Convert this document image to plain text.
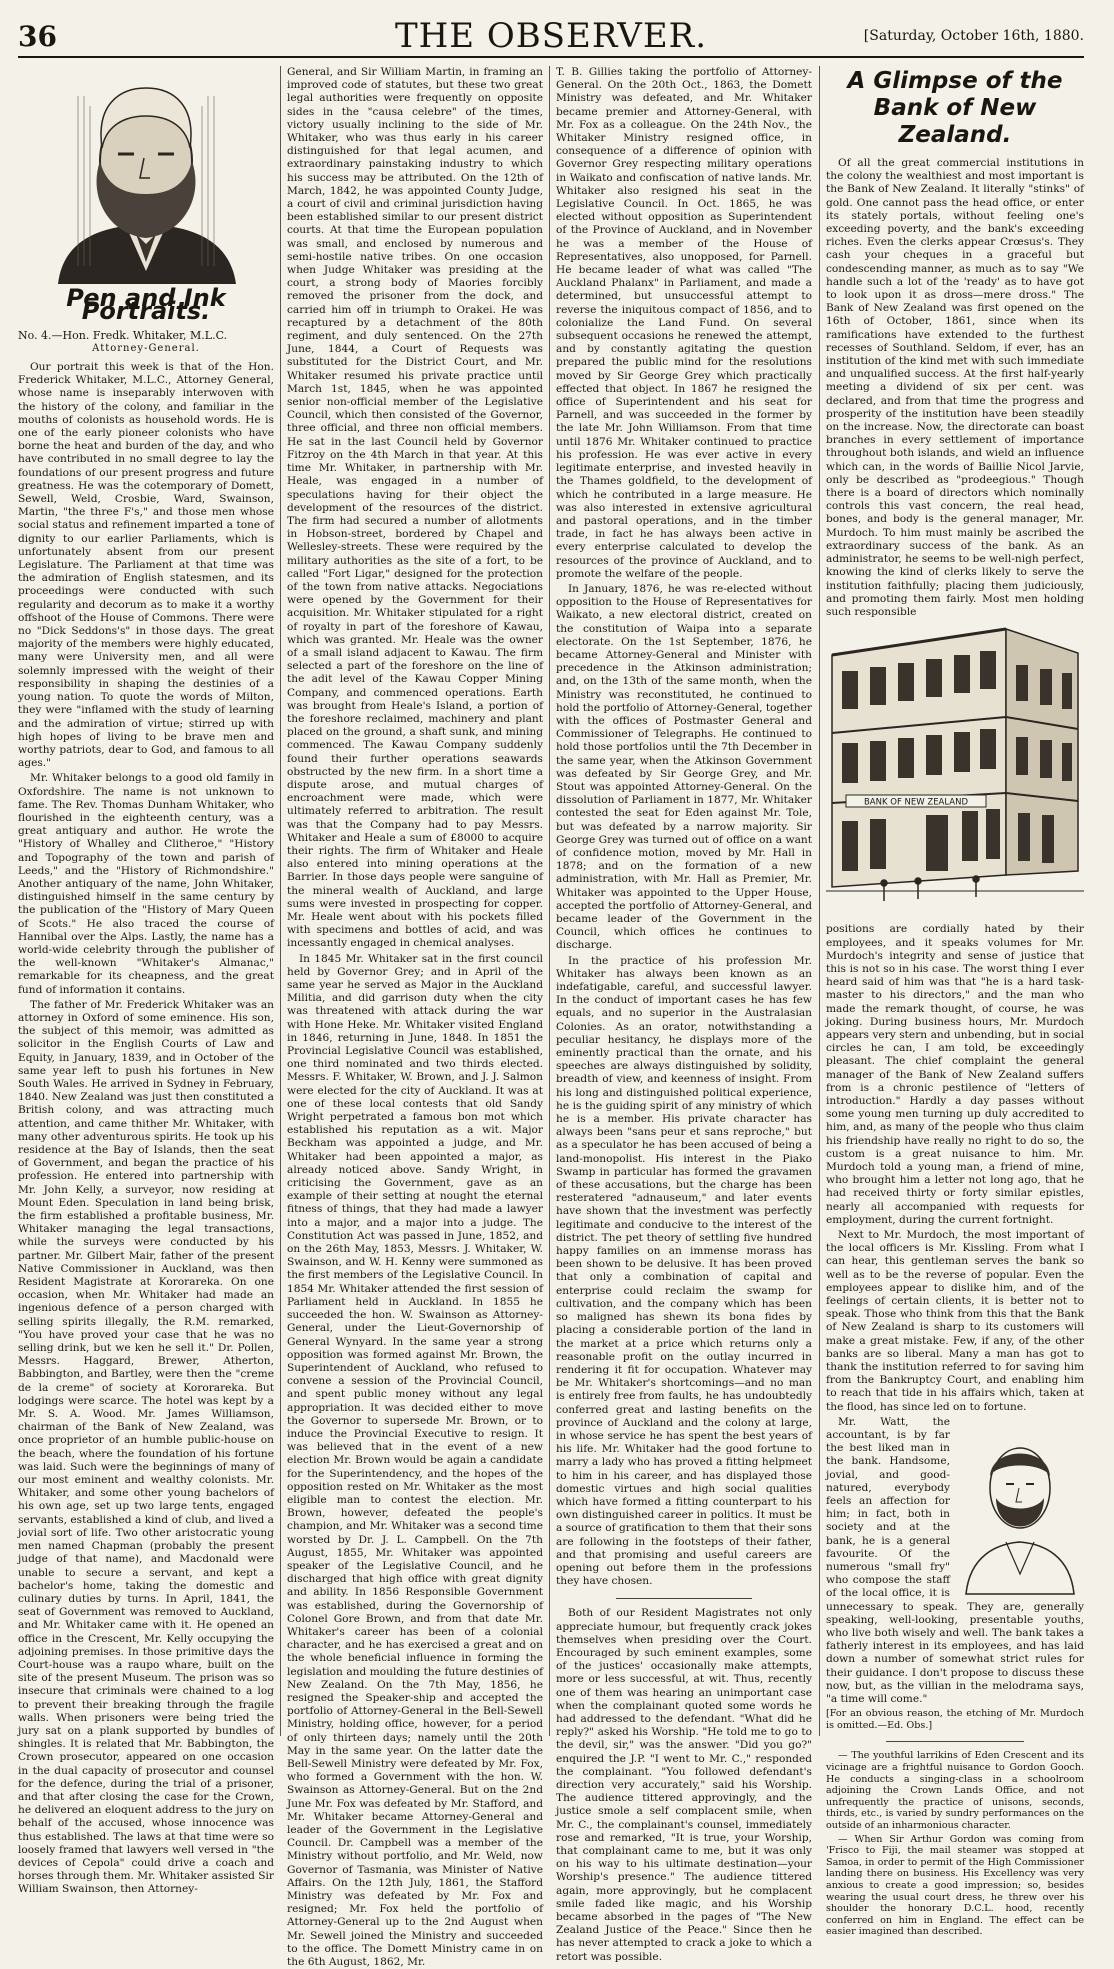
36	THE OBSERVER.	[Saturday, October 16th, 1880.
Pen and Ink Portraits.
No. 4.—Hon. Fredk. Whitaker, M.L.C.
Attorney-General.

Our portrait this week is that of the Hon. Frederick Whitaker, M.L.C., Attorney General, whose name is inseparably interwoven with the history of the colony, and familiar in the mouths of colonists as household words. He is one of the early pioneer colonists who have borne the heat and burden of the day, and who have contributed in no small degree to lay the foundations of our present progress and future greatness. He was the cotemporary of Domett, Sewell, Weld, Crosbie, Ward, Swainson, Martin, "the three F's," and those men whose social status and refinement imparted a tone of dignity to our earlier Parliaments, which is unfortunately absent from our present Legislature. The Parliament at that time was the admiration of English statesmen, and its proceedings were conducted with such regularity and decorum as to make it a worthy offshoot of the House of Commons. There were no "Dick Seddons's" in those days. The great majority of the members were highly educated, many were University men, and all were solemnly impressed with the weight of their responsibility in shaping the destinies of a young nation. To quote the words of Milton, they were "inflamed with the study of learning and the admiration of virtue; stirred up with high hopes of living to be brave men and worthy patriots, dear to God, and famous to all ages."

Mr. Whitaker belongs to a good old family in Oxfordshire. The name is not unknown to fame. The Rev. Thomas Dunham Whitaker, who flourished in the eighteenth century, was a great antiquary and author. He wrote the "History of Whalley and Clitheroe," "History and Topography of the town and parish of Leeds," and the "History of Richmondshire." Another antiquary of the name, John Whitaker, distinguished himself in the same century by the publication of the "History of Mary Queen of Scots." He also traced the course of Hannibal over the Alps. Lastly, the name has a world-wide celebrity through the publisher of the well-known "Whitaker's Almanac," remarkable for its cheapness, and the great fund of information it contains.

The father of Mr. Frederick Whitaker was an attorney in Oxford of some eminence. His son, the subject of this memoir, was admitted as solicitor in the English Courts of Law and Equity, in January, 1839, and in October of the same year left to push his fortunes in New South Wales. He arrived in Sydney in February, 1840. New Zealand was just then constituted a British colony, and was attracting much attention, and came thither Mr. Whitaker, with many other adventurous spirits. He took up his residence at the Bay of Islands, then the seat of Government, and began the practice of his profession. He entered into partnership with Mr. John Kelly, a surveyor, now residing at Mount Eden. Speculation in land being brisk, the firm established a profitable business, Mr. Whitaker managing the legal transactions, while the surveys were conducted by his partner. Mr. Gilbert Mair, father of the present Native Commissioner in Auckland, was then Resident Magistrate at Kororareka. On one occasion, when Mr. Whitaker had made an ingenious defence of a person charged with selling spirits illegally, the R.M. remarked, "You have proved your case that he was no selling drink, but we ken he sell it." Dr. Pollen, Messrs. Haggard, Brewer, Atherton, Babbington, and Bartley, were then the "creme de la creme" of society at Kororareka. But lodgings were scarce. The hotel was kept by a Mr. S. A. Wood. Mr. James Williamson, chairman of the Bank of New Zealand, was once proprietor of an humble public-house on the beach, where the foundation of his fortune was laid. Such were the beginnings of many of our most eminent and wealthy colonists. Mr. Whitaker, and some other young bachelors of his own age, set up two large tents, engaged servants, established a kind of club, and lived a jovial sort of life. Two other aristocratic young men named Chapman (probably the present judge of that name), and Macdonald were unable to secure a servant, and kept a bachelor's home, taking the domestic and culinary duties by turns. In April, 1841, the seat of Government was removed to Auckland, and Mr. Whitaker came with it. He opened an office in the Crescent, Mr. Kelly occupying the adjoining premises. In those primitive days the Court-house was a raupo whare, built on the site of the present Museum. The prison was so insecure that criminals were chained to a log to prevent their breaking through the fragile walls. When prisoners were being tried the jury sat on a plank supported by bundles of shingles. It is related that Mr. Babbington, the Crown prosecutor, appeared on one occasion in the dual capacity of prosecutor and counsel for the defence, during the trial of a prisoner, and that after closing the case for the Crown, he delivered an eloquent address to the jury on behalf of the accused, whose innocence was thus established. The laws at that time were so loosely framed that lawyers well versed in "the devices of Cepola" could drive a coach and horses through them. Mr. Whitaker assisted Sir William Swainson, then Attorney-

General, and Sir William Martin, in framing an improved code of statutes, but these two great legal authorities were frequently on opposite sides in the "causa celebre" of the times, victory usually inclining to the side of Mr. Whitaker, who was thus early in his career distinguished for that legal acumen, and extraordinary painstaking industry to which his success may be attributed. On the 12th of March, 1842, he was appointed County Judge, a court of civil and criminal jurisdiction having been established similar to our present district courts. At that time the European population was small, and enclosed by numerous and semi-hostile native tribes. On one occasion when Judge Whitaker was presiding at the court, a strong body of Maories forcibly removed the prisoner from the dock, and carried him off in triumph to Orakei. He was recaptured by a detachment of the 80th regiment, and duly sentenced. On the 27th June, 1844, a Court of Requests was substituted for the District Court, and Mr. Whitaker resumed his private practice until March 1st, 1845, when he was appointed senior non-official member of the Legislative Council, which then consisted of the Governor, three official, and three non official members. He sat in the last Council held by Governor Fitzroy on the 4th March in that year. At this time Mr. Whitaker, in partnership with Mr. Heale, was engaged in a number of speculations having for their object the development of the resources of the district. The firm had secured a number of allotments in Hobson-street, bordered by Chapel and Wellesley-streets. These were required by the military authorities as the site of a fort, to be called "Fort Ligar," designed for the protection of the town from native attacks. Negociations were opened by the Government for their acquisition. Mr. Whitaker stipulated for a right of royalty in part of the foreshore of Kawau, which was granted. Mr. Heale was the owner of a small island adjacent to Kawau. The firm selected a part of the foreshore on the line of the adit level of the Kawau Copper Mining Company, and commenced operations. Earth was brought from Heale's Island, a portion of the foreshore reclaimed, machinery and plant placed on the ground, a shaft sunk, and mining commenced. The Kawau Company suddenly found their further operations seawards obstructed by the new firm. In a short time a dispute arose, and mutual charges of encroachment were made, which were ultimately referred to arbitration. The result was that the Company had to pay Messrs. Whitaker and Heale a sum of £8000 to acquire their rights. The firm of Whitaker and Heale also entered into mining operations at the Barrier. In those days people were sanguine of the mineral wealth of Auckland, and large sums were invested in prospecting for copper. Mr. Heale went about with his pockets filled with specimens and bottles of acid, and was incessantly engaged in chemical analyses.

In 1845 Mr. Whitaker sat in the first council held by Governor Grey; and in April of the same year he served as Major in the Auckland Militia, and did garrison duty when the city was threatened with attack during the war with Hone Heke. Mr. Whitaker visited England in 1846, returning in June, 1848. In 1851 the Provincial Legislative Council was established, one third nominated and two thirds elected. Messrs. F. Whitaker, W. Brown, and J. J. Salmon were elected for the city of Auckland. It was at one of these local contests that old Sandy Wright perpetrated a famous bon mot which established his reputation as a wit. Major Beckham was appointed a judge, and Mr. Whitaker had been appointed a major, as already noticed above. Sandy Wright, in criticising the Government, gave as an example of their setting at nought the eternal fitness of things, that they had made a lawyer into a major, and a major into a judge. The Constitution Act was passed in June, 1852, and on the 26th May, 1853, Messrs. J. Whitaker, W. Swainson, and W. H. Kenny were summoned as the first members of the Legislative Council. In 1854 Mr. Whitaker attended the first session of Parliament held in Auckland. In 1855 he succeeded the hon. W. Swainson as Attorney-General, under the Lieut-Governorship of General Wynyard. In the same year a strong opposition was formed against Mr. Brown, the Superintendent of Auckland, who refused to convene a session of the Provincial Council, and spent public money without any legal appropriation. It was decided either to move the Governor to supersede Mr. Brown, or to induce the Provincial Executive to resign. It was believed that in the event of a new election Mr. Brown would be again a candidate for the Superintendency, and the hopes of the opposition rested on Mr. Whitaker as the most eligible man to contest the election. Mr. Brown, however, defeated the people's champion, and Mr. Whitaker was a second time worsted by Dr. J. L. Campbell. On the 7th August, 1855, Mr. Whitaker was appointed speaker of the Legislative Council, and he discharged that high office with great dignity and ability. In 1856 Responsible Government was established, during the Governorship of Colonel Gore Brown, and from that date Mr. Whitaker's career has been of a colonial character, and he has exercised a great and on the whole beneficial influence in forming the legislation and moulding the future destinies of New Zealand. On the 7th May, 1856, he resigned the Speaker-ship and accepted the portfolio of Attorney-General in the Bell-Sewell Ministry, holding office, however, for a period of only thirteen days; namely until the 20th May in the same year. On the latter date the Bell-Sewell Ministry were defeated by Mr. Fox, who formed a Government with the hon. W. Swainson as Attorney-General. But on the 2nd June Mr. Fox was defeated by Mr. Stafford, and Mr. Whitaker became Attorney-General and leader of the Government in the Legislative Council. Dr. Campbell was a member of the Ministry without portfolio, and Mr. Weld, now Governor of Tasmania, was Minister of Native Affairs. On the 12th July, 1861, the Stafford Ministry was defeated by Mr. Fox and resigned; Mr. Fox held the portfolio of Attorney-General up to the 2nd August when Mr. Sewell joined the Ministry and succeeded to the office. The Domett Ministry came in on the 6th August, 1862, Mr.

T. B. Gillies taking the portfolio of Attorney-General. On the 20th Oct., 1863, the Domett Ministry was defeated, and Mr. Whitaker became premier and Attorney-General, with Mr. Fox as a colleague. On the 24th Nov., the Whitaker Ministry resigned office, in consequence of a difference of opinion with Governor Grey respecting military operations in Waikato and confiscation of native lands. Mr. Whitaker also resigned his seat in the Legislative Council. In Oct. 1865, he was elected without opposition as Superintendent of the Province of Auckland, and in November he was a member of the House of Representatives, also unopposed, for Parnell. He became leader of what was called "The Auckland Phalanx" in Parliament, and made a determined, but unsuccessful attempt to reverse the iniquitous compact of 1856, and to colonialize the Land Fund. On several subsequent occasions he renewed the attempt, and by constantly agitating the question prepared the public mind for the resolutions moved by Sir George Grey which practically effected that object. In 1867 he resigned the office of Superintendent and his seat for Parnell, and was succeeded in the former by the late Mr. John Williamson. From that time until 1876 Mr. Whitaker continued to practice his profession. He was ever active in every legitimate enterprise, and invested heavily in the Thames goldfield, to the development of which he contributed in a large measure. He was also interested in extensive agricultural and pastoral operations, and in the timber trade, in fact he has always been active in every enterprise calculated to develop the resources of the province of Auckland, and to promote the welfare of the people.

In January, 1876, he was re-elected without opposition to the House of Representatives for Waikato, a new electoral district, created on the constitution of Waipa into a separate electorate. On the 1st September, 1876, he became Attorney-General and Minister with precedence in the Atkinson administration; and, on the 13th of the same month, when the Ministry was reconstituted, he continued to hold the portfolio of Attorney-General, together with the offices of Postmaster General and Commissioner of Telegraphs. He continued to hold those portfolios until the 7th December in the same year, when the Atkinson Government was defeated by Sir George Grey, and Mr. Stout was appointed Attorney-General. On the dissolution of Parliament in 1877, Mr. Whitaker contested the seat for Eden against Mr. Tole, but was defeated by a narrow majority. Sir George Grey was turned out of office on a want of confidence motion, moved by Mr. Hall in 1878; and on the formation of a new administration, with Mr. Hall as Premier, Mr. Whitaker was appointed to the Upper House, accepted the portfolio of Attorney-General, and became leader of the Government in the Council, which offices he continues to discharge.

In the practice of his profession Mr. Whitaker has always been known as an indefatigable, careful, and successful lawyer. In the conduct of important cases he has few equals, and no superior in the Australasian Colonies. As an orator, notwithstanding a peculiar hesitancy, he displays more of the eminently practical than the ornate, and his speeches are always distinguished by solidity, breadth of view, and keenness of insight. From his long and distinguished political experience, he is the guiding spirit of any ministry of which he is a member. His private character has always been "sans peur et sans reproche," but as a speculator he has been accused of being a land-monopolist. His interest in the Piako Swamp in particular has formed the gravamen of these accusations, but the charge has been resteratered "adnauseum," and later events have shown that the investment was perfectly legitimate and conducive to the interest of the district. The pet theory of settling five hundred happy families on an immense morass has been shown to be delusive. It has been proved that only a combination of capital and enterprise could reclaim the swamp for cultivation, and the company which has been so maligned has shewn its bona fides by placing a considerable portion of the land in the market at a price which returns only a reasonable profit on the outlay incurred in rendering it fit for occupation. Whatever may be Mr. Whitaker's shortcomings—and no man is entirely free from faults, he has undoubtedly conferred great and lasting benefits on the province of Auckland and the colony at large, in whose service he has spent the best years of his life. Mr. Whitaker had the good fortune to marry a lady who has proved a fitting helpmeet to him in his career, and has displayed those domestic virtues and high social qualities which have formed a fitting counterpart to his own distinguished career in politics. It must be a source of gratification to them that their sons are following in the footsteps of their father, and that promising and useful careers are opening out before them in the professions they have chosen.

Both of our Resident Magistrates not only appreciate humour, but frequently crack jokes themselves when presiding over the Court. Encouraged by such eminent examples, some of the justices' occasionally make attempts, more or less successful, at wit. Thus, recently one of them was hearing an unimportant case when the complainant quoted some words he had addressed to the defendant. "What did he reply?" asked his Worship. "He told me to go to the devil, sir," was the answer. "Did you go?" enquired the J.P. "I went to Mr. C.," responded the complainant. "You followed defendant's direction very accurately," said his Worship. The audience tittered approvingly, and the justice smole a self complacent smile, when Mr. C., the complainant's counsel, immediately rose and remarked, "It is true, your Worship, that complainant came to me, but it was only on his way to his ultimate destination—your Worship's presence." The audience tittered again, more approvingly, but he complacent smile faded like magic, and his Worship became absorbed in the pages of "The New Zealand Justice of the Peace." Since then he has never attempted to crack a joke to which a retort was possible.

A Glimpse of the Bank of New Zealand.

Of all the great commercial institutions in the colony the wealthiest and most important is the Bank of New Zealand. It literally "stinks" of gold. One cannot pass the head office, or enter its stately portals, without feeling one's exceeding poverty, and the bank's exceeding riches. Even the clerks appear Crœsus's. They cash your cheques in a graceful but condescending manner, as much as to say "We handle such a lot of the 'ready' as to have got to look upon it as dross—mere dross." The Bank of New Zealand was first opened on the 16th of October, 1861, since when its ramifications have extended to the furthest recesses of Southland. Seldom, if ever, has an institution of the kind met with such immediate and unqualified success. At the first half-yearly meeting a dividend of six per cent. was declared, and from that time the progress and prosperity of the institution have been steadily on the increase. Now, the directorate can boast branches in every settlement of importance throughout both islands, and wield an influence which can, in the words of Baillie Nicol Jarvie, only be described as "prodeegious." Though there is a board of directors which nominally controls this vast concern, the real head, bones, and body is the general manager, Mr. Murdoch. To him must mainly be ascribed the extraordinary success of the bank. As an administrator, he seems to be well-nigh perfect, knowing the kind of clerks likely to serve the institution faithfully; placing them judiciously, and promoting them fairly. Most men holding such responsible

BANK OF NEW ZEALAND

positions are cordially hated by their employees, and it speaks volumes for Mr. Murdoch's integrity and sense of justice that this is not so in his case. The worst thing I ever heard said of him was that "he is a hard task-master to his directors," and the man who made the remark thought, of course, he was joking. During business hours, Mr. Murdoch appears very stern and unbending, but in social circles he can, I am told, be exceedingly pleasant. The chief complaint the general manager of the Bank of New Zealand suffers from is a chronic pestilence of "letters of introduction." Hardly a day passes without some young men turning up duly accredited to him, and, as many of the people who thus claim his friendship have really no right to do so, the custom is a great nuisance to him. Mr. Murdoch told a young man, a friend of mine, who brought him a letter not long ago, that he had received thirty or forty similar epistles, nearly all accompanied with requests for employment, during the current fortnight.

Next to Mr. Murdoch, the most important of the local officers is Mr. Kissling. From what I can hear, this gentleman serves the bank so well as to be the reverse of popular. Even the employees appear to dislike him, and of the feelings of certain clients, it is better not to speak. Those who think from this that the Bank of New Zealand is sharp to its customers will make a great mistake. Few, if any, of the other banks are so liberal. Many a man has got to thank the institution referred to for saving him from the Bankruptcy Court, and enabling him to reach that tide in his affairs which, taken at the flood, has since led on to fortune.

Mr. Watt, the accountant, is by far the best liked man in the bank. Handsome, jovial, and good-natured, everybody feels an affection for him; in fact, both in society and at the bank, he is a general favourite. Of the numerous "small fry" who compose the staff of the local office, it is unnecessary to speak. They are, generally speaking, well-looking, presentable youths, who live both wisely and well. The bank takes a fatherly interest in its employees, and has laid down a number of somewhat strict rules for their guidance. I don't propose to discuss these now, but, as the villian in the melodrama says, "a time will come."

[For an obvious reason, the etching of Mr. Murdoch is omitted.—Ed. Obs.]

— The youthful larrikins of Eden Crescent and its vicinage are a frightful nuisance to Gordon Gooch. He conducts a singing-class in a schoolroom adjoining the Crown Lands Office, and not unfrequently the practice of unisons, seconds, thirds, etc., is varied by sundry performances on the outside of an inharmonious character.

— When Sir Arthur Gordon was coming from 'Frisco to Fiji, the mail steamer was stopped at Samoa, in order to permit of the High Commissioner landing there on business. His Excellency was very anxious to create a good impression; so, besides wearing the usual court dress, he threw over his shoulder the honorary D.C.L. hood, recently conferred on him in England. The effect can be easier imagined than described.
